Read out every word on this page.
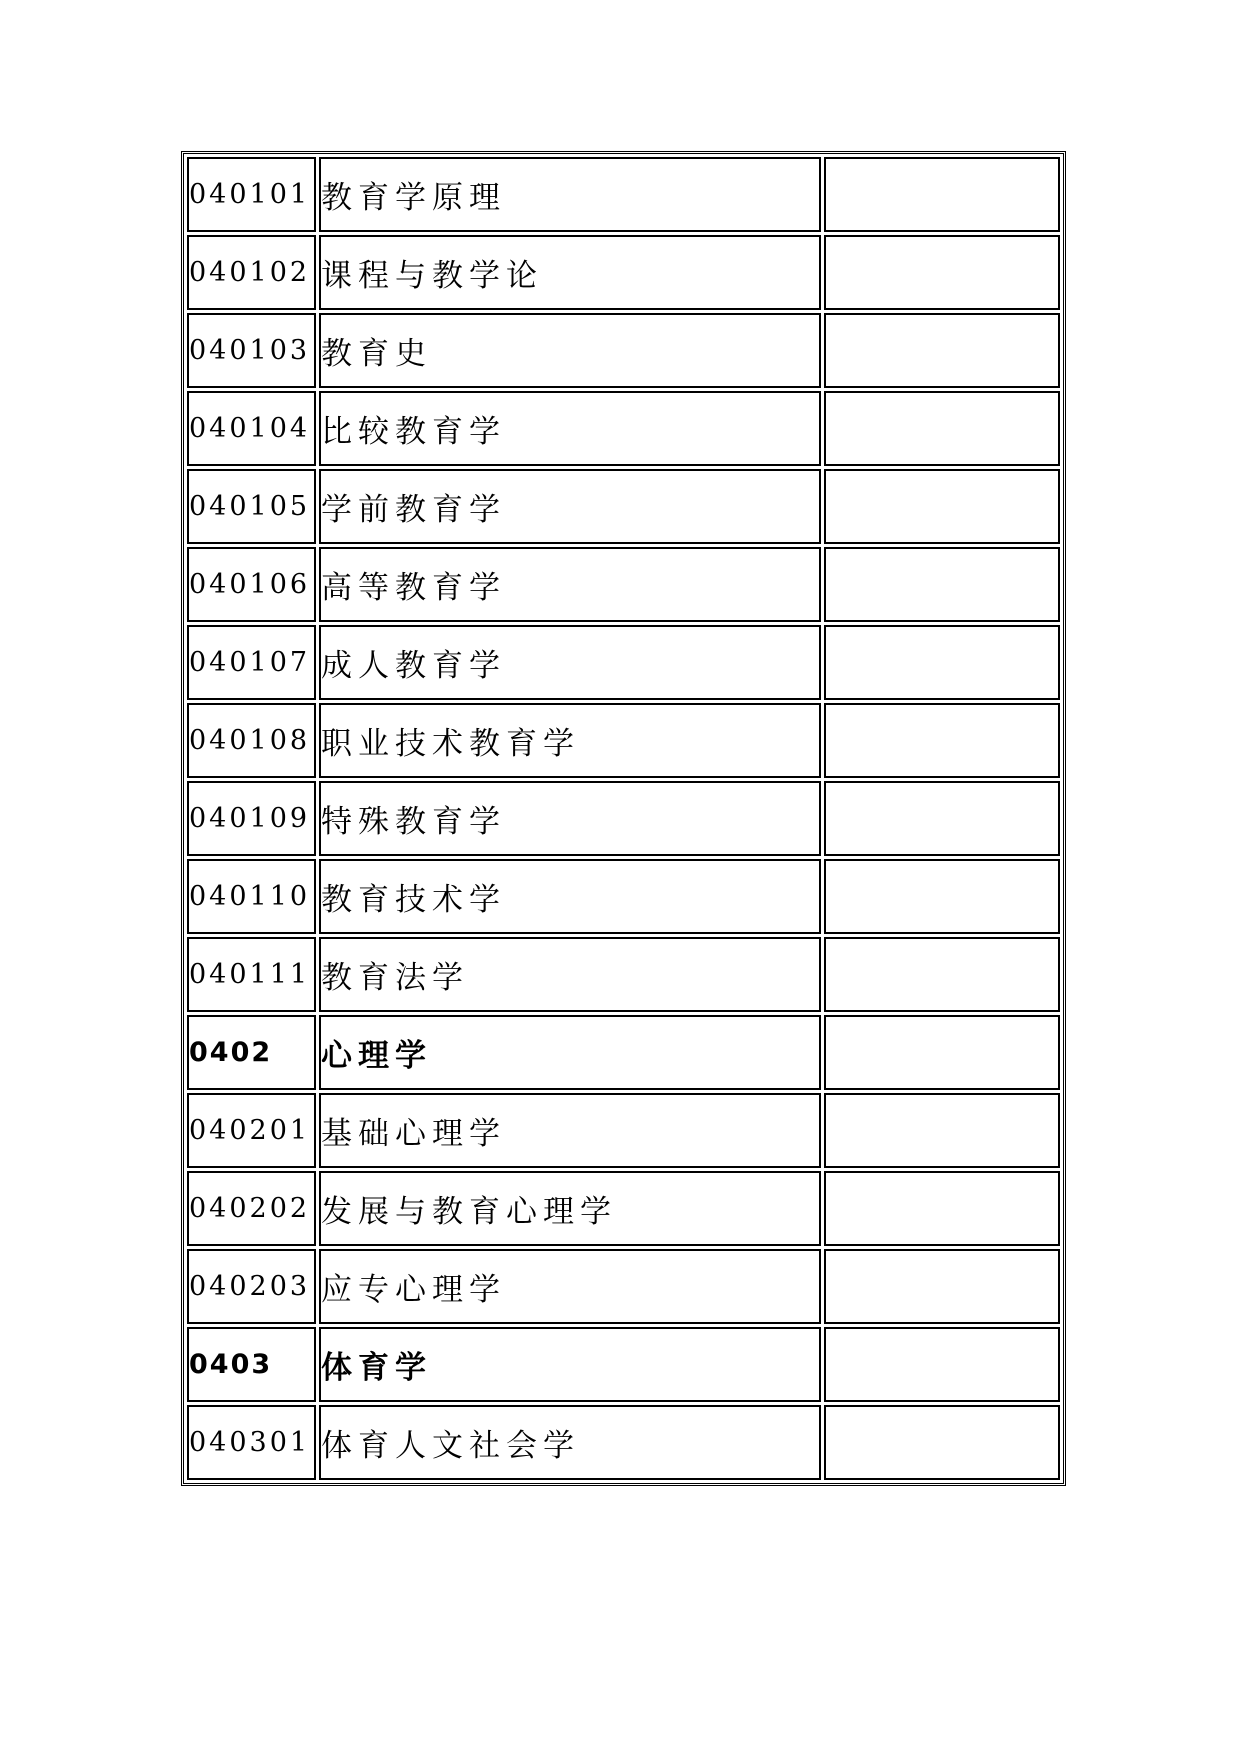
040101	教育学原理	
040102	课程与教学论	
040103	教育史	
040104	比较教育学	
040105	学前教育学	
040106	高等教育学	
040107	成人教育学	
040108	职业技术教育学	
040109	特殊教育学	
040110	教育技术学	
040111	教育法学	
0402	心理学	
040201	基础心理学	
040202	发展与教育心理学	
040203	应专心理学	
0403	体育学	
040301	体育人文社会学	
